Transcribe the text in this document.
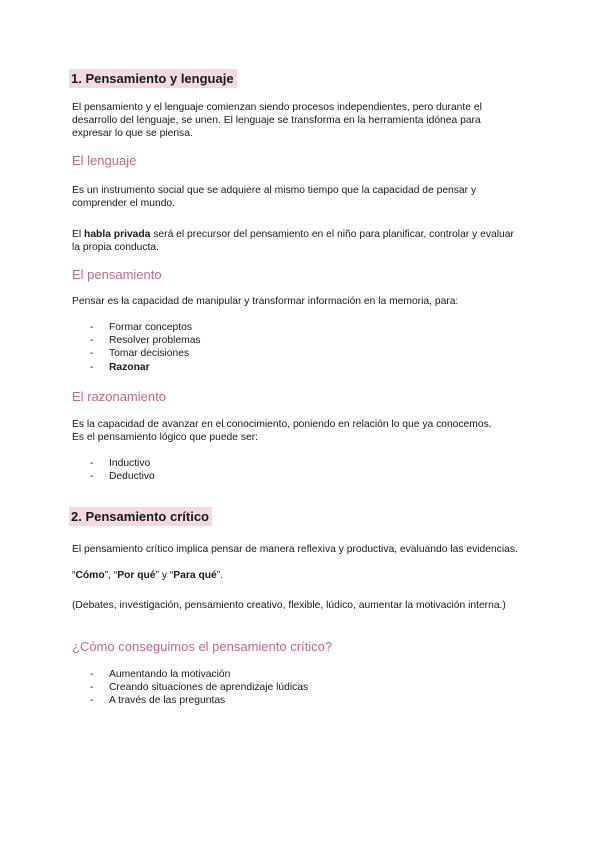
1. Pensamiento y lenguaje

El pensamiento y el lenguaje comienzan siendo procesos independientes, pero durante el desarrollo del lenguaje, se unen. El lenguaje se transforma en la herramienta idónea para expresar lo que se piensa.

El lenguaje

Es un instrumento social que se adquiere al mismo tiempo que la capacidad de pensar y comprender el mundo.

El habla privada será el precursor del pensamiento en el niño para planificar, controlar y evaluar la propia conducta.

El pensamiento

Pensar es la capacidad de manipular y transformar información en la memoria, para:

- Formar conceptos
- Resolver problemas
- Tomar decisiones
- Razonar
El razonamiento

Es la capacidad de avanzar en el conocimiento, poniendo en relación lo que ya conocemos.

Es el pensamiento lógico que puede ser:

- Inductivo
- Deductivo
2. Pensamiento crítico

El pensamiento crítico implica pensar de manera reflexiva y productiva, evaluando las evidencias.

“Cómo”, “Por qué” y “Para qué”.

(Debates, investigación, pensamiento creativo, flexible, lúdico, aumentar la motivación interna.)

¿Cómo conseguimos el pensamiento crítico?
- Aumentando la motivación
- Creando situaciones de aprendizaje lúdicas
- A través de las preguntas
